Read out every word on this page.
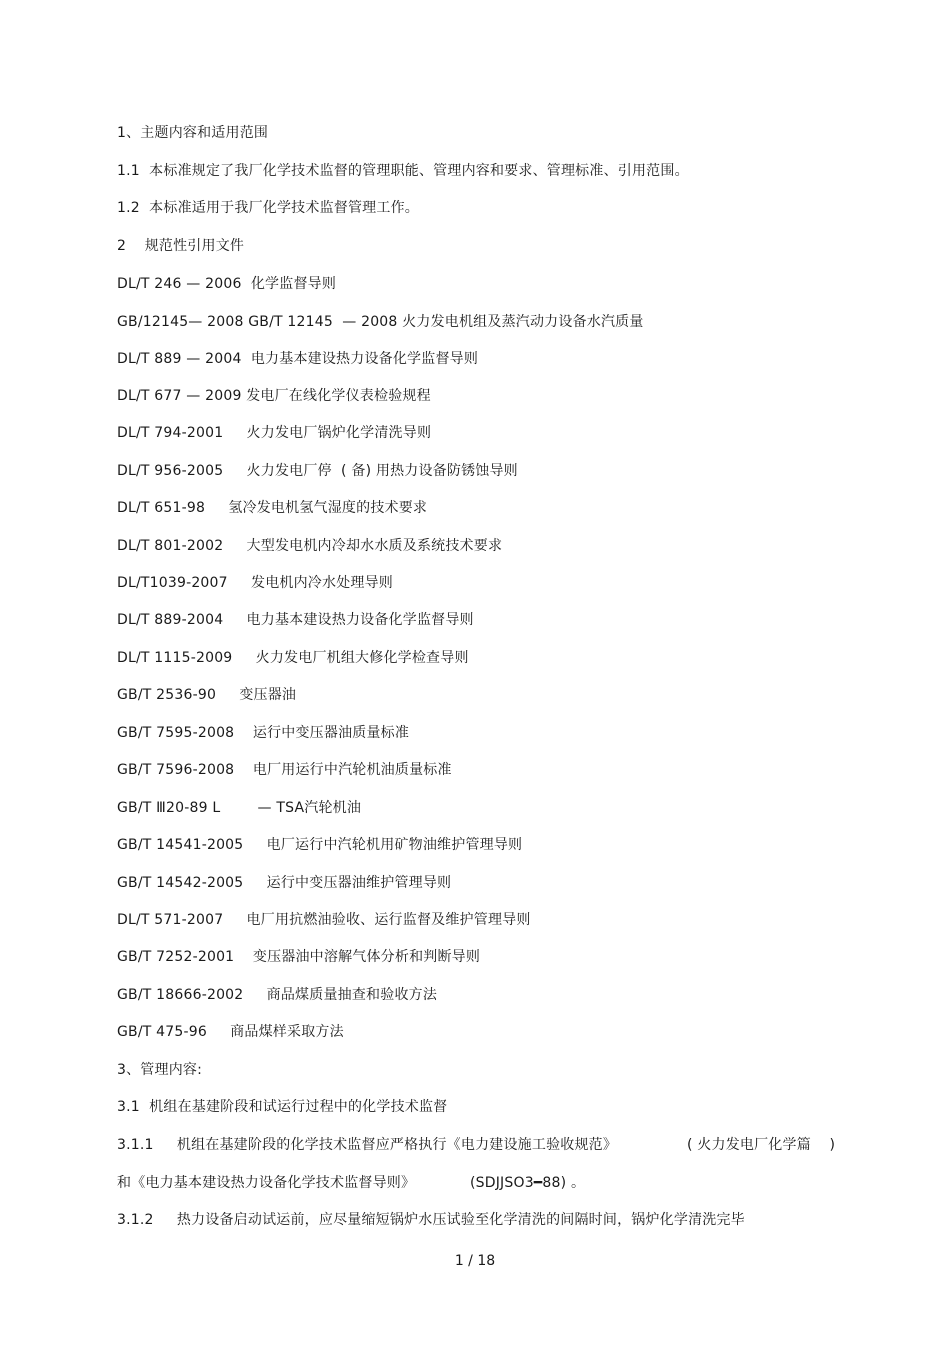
1、主题内容和适用范围
1.1  本标准规定了我厂化学技术监督的管理职能、管理内容和要求、管理标准、引用范围。
1.2  本标准适用于我厂化学技术监督管理工作。
2    规范性引用文件
DL/T 246 — 2006  化学监督导则
GB/12145— 2008 GB/T 12145  — 2008 火力发电机组及蒸汽动力设备水汽质量
DL/T 889 — 2004  电力基本建设热力设备化学监督导则
DL/T 677 — 2009 发电厂在线化学仪表检验规程
DL/T 794-2001     火力发电厂锅炉化学清洗导则
DL/T 956-2005     火力发电厂停  ( 备) 用热力设备防锈蚀导则
DL/T 651-98     氢冷发电机氢气湿度的技术要求
DL/T 801-2002     大型发电机内冷却水水质及系统技术要求
DL/T1039-2007     发电机内冷水处理导则
DL/T 889-2004     电力基本建设热力设备化学监督导则
DL/T 1115-2009     火力发电厂机组大修化学检查导则
GB/T 2536-90     变压器油
GB/T 7595-2008    运行中变压器油质量标准
GB/T 7596-2008    电厂用运行中汽轮机油质量标准
GB/T Ⅲ20-89 L        — TSA汽轮机油
GB/T 14541-2005     电厂运行中汽轮机用矿物油维护管理导则
GB/T 14542-2005     运行中变压器油维护管理导则
DL/T 571-2007     电厂用抗燃油验收、运行监督及维护管理导则
GB/T 7252-2001    变压器油中溶解气体分析和判断导则
GB/T 18666-2002     商品煤质量抽查和验收方法
GB/T 475-96     商品煤样采取方法
3、管理内容:
3.1  机组在基建阶段和试运行过程中的化学技术监督

3.1.1     机组在基建阶段的化学技术监督应严格执行《电力建设施工验收规范》

	( 火力发电厂化学篇    )

和《电力基本建设热力设备化学技术监督导则》

	(SDJJSO3━88) 。

3.1.2     热力设备启动试运前，应尽量缩短锅炉水压试验至化学清洗的间隔时间，锅炉化学清洗完毕
1 / 18
